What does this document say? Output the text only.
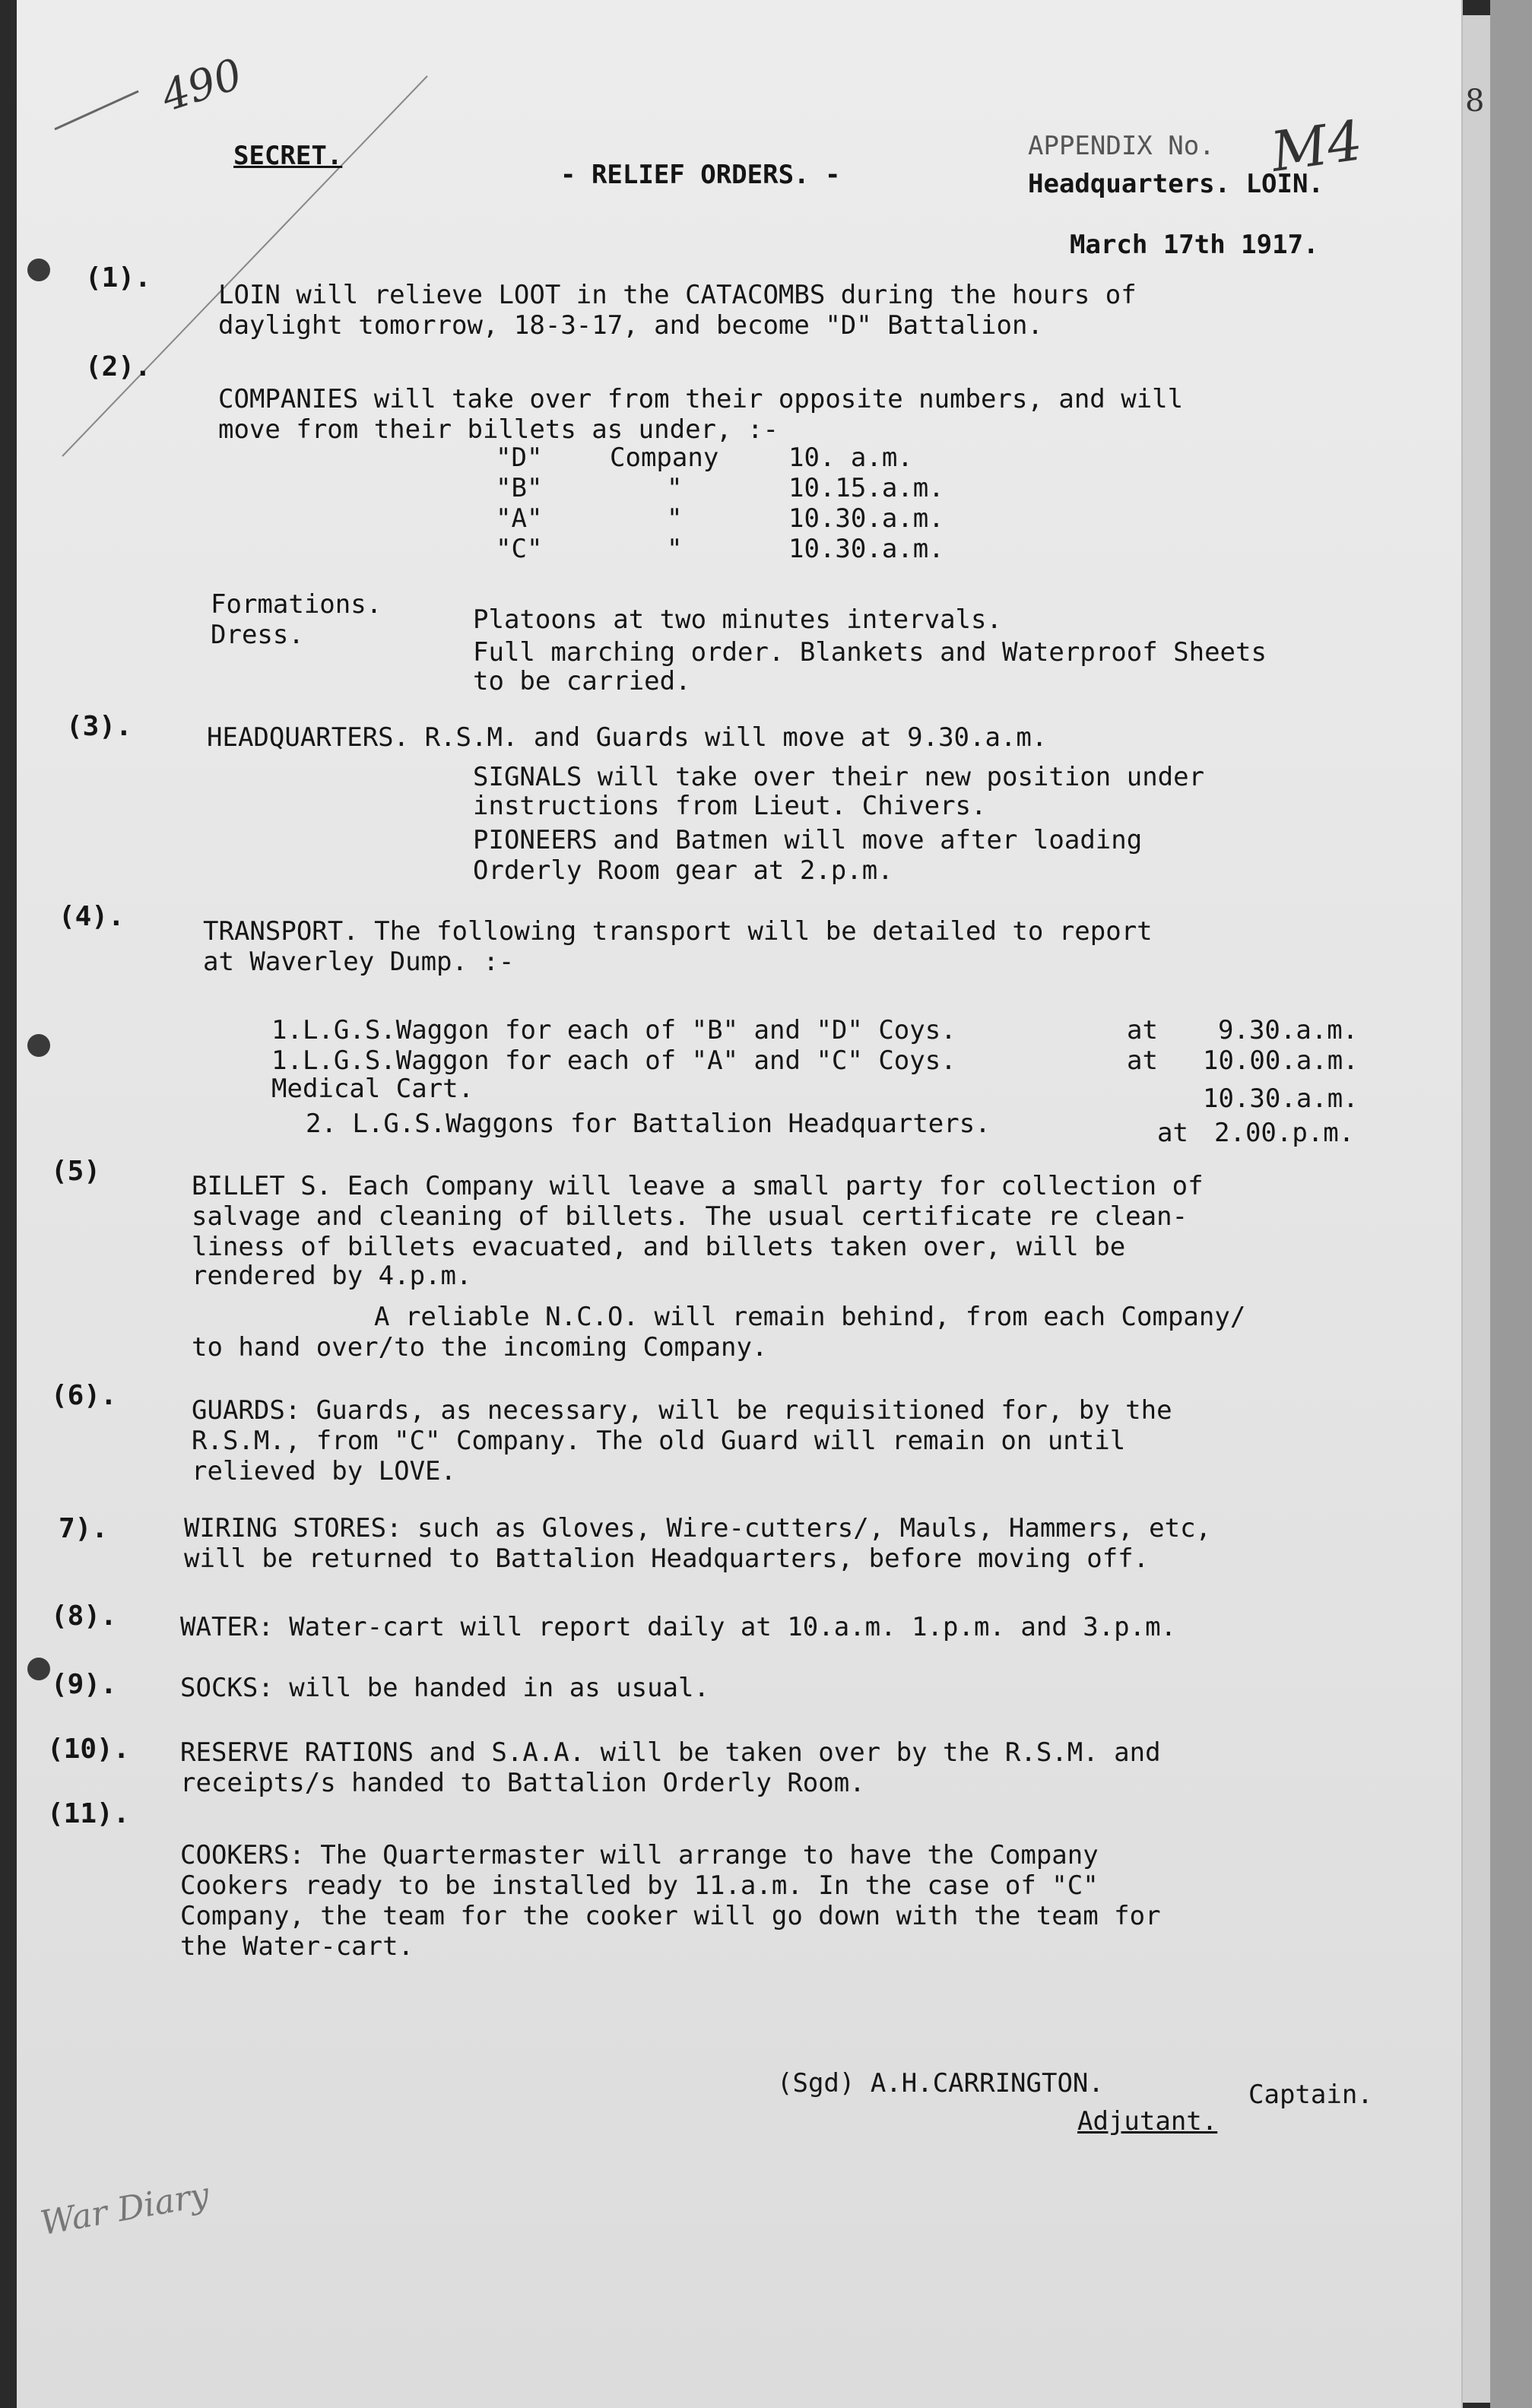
490
M4
8
War Diary
SECRET.
- RELIEF ORDERS. -
APPENDIX No.
Headquarters. LOIN.
March 17th 1917.
(1).
LOIN will relieve LOOT in the CATACOMBS during the hours of
daylight tomorrow, 18-3-17, and become "D" Battalion.
(2).
COMPANIES will take over from their opposite numbers, and will
move from their billets as under, :-
"D"	Company	10. a.m.
"B"	"	10.15.a.m.
"A"	"	10.30.a.m.
"C"	"	10.30.a.m.
Formations.	Platoons at two minutes intervals.
Dress.
Full marching order. Blankets and Waterproof Sheets
to be carried.
(3).	HEADQUARTERS. R.S.M. and Guards will move at 9.30.a.m.
SIGNALS will take over their new position under
instructions from Lieut. Chivers.
PIONEERS and Batmen will move after loading
Orderly Room gear at 2.p.m.
(4).	TRANSPORT. The following transport will be detailed to report
at Waverley Dump. :-
1.L.G.S.Waggon for each of "B" and "D" Coys.	at 9.30.a.m.
1.L.G.S.Waggon for each of "A" and "C" Coys.	at 10.00.a.m.
Medical Cart.	10.30.a.m.
2. L.G.S.Waggons for Battalion Headquarters.	at 2.00.p.m.
(5)	BILLET S. Each Company will leave a small party for collection of
salvage and cleaning of billets. The usual certificate re clean-
liness of billets evacuated, and billets taken over, will be
rendered by 4.p.m.
A reliable N.C.O. will remain behind, from each Company/
to hand over/to the incoming Company.
(6).	GUARDS: Guards, as necessary, will be requisitioned for, by the
R.S.M., from "C" Company. The old Guard will remain on until
relieved by LOVE.
7).	WIRING STORES: such as Gloves, Wire-cutters/, Mauls, Hammers, etc,
will be returned to Battalion Headquarters, before moving off.
(8). WATER: Water-cart will report daily at 10.a.m. 1.p.m. and 3.p.m.
(9). SOCKS: will be handed in as usual.
(10). RESERVE RATIONS and S.A.A. will be taken over by the R.S.M. and
receipts/s handed to Battalion Orderly Room.
(11).
COOKERS: The Quartermaster will arrange to have the Company
Cookers ready to be installed by 11.a.m. In the case of "C"
Company, the team for the cooker will go down with the team for
the Water-cart.
(Sgd) A.H.CARRINGTON.	Captain.
Adjutant.
